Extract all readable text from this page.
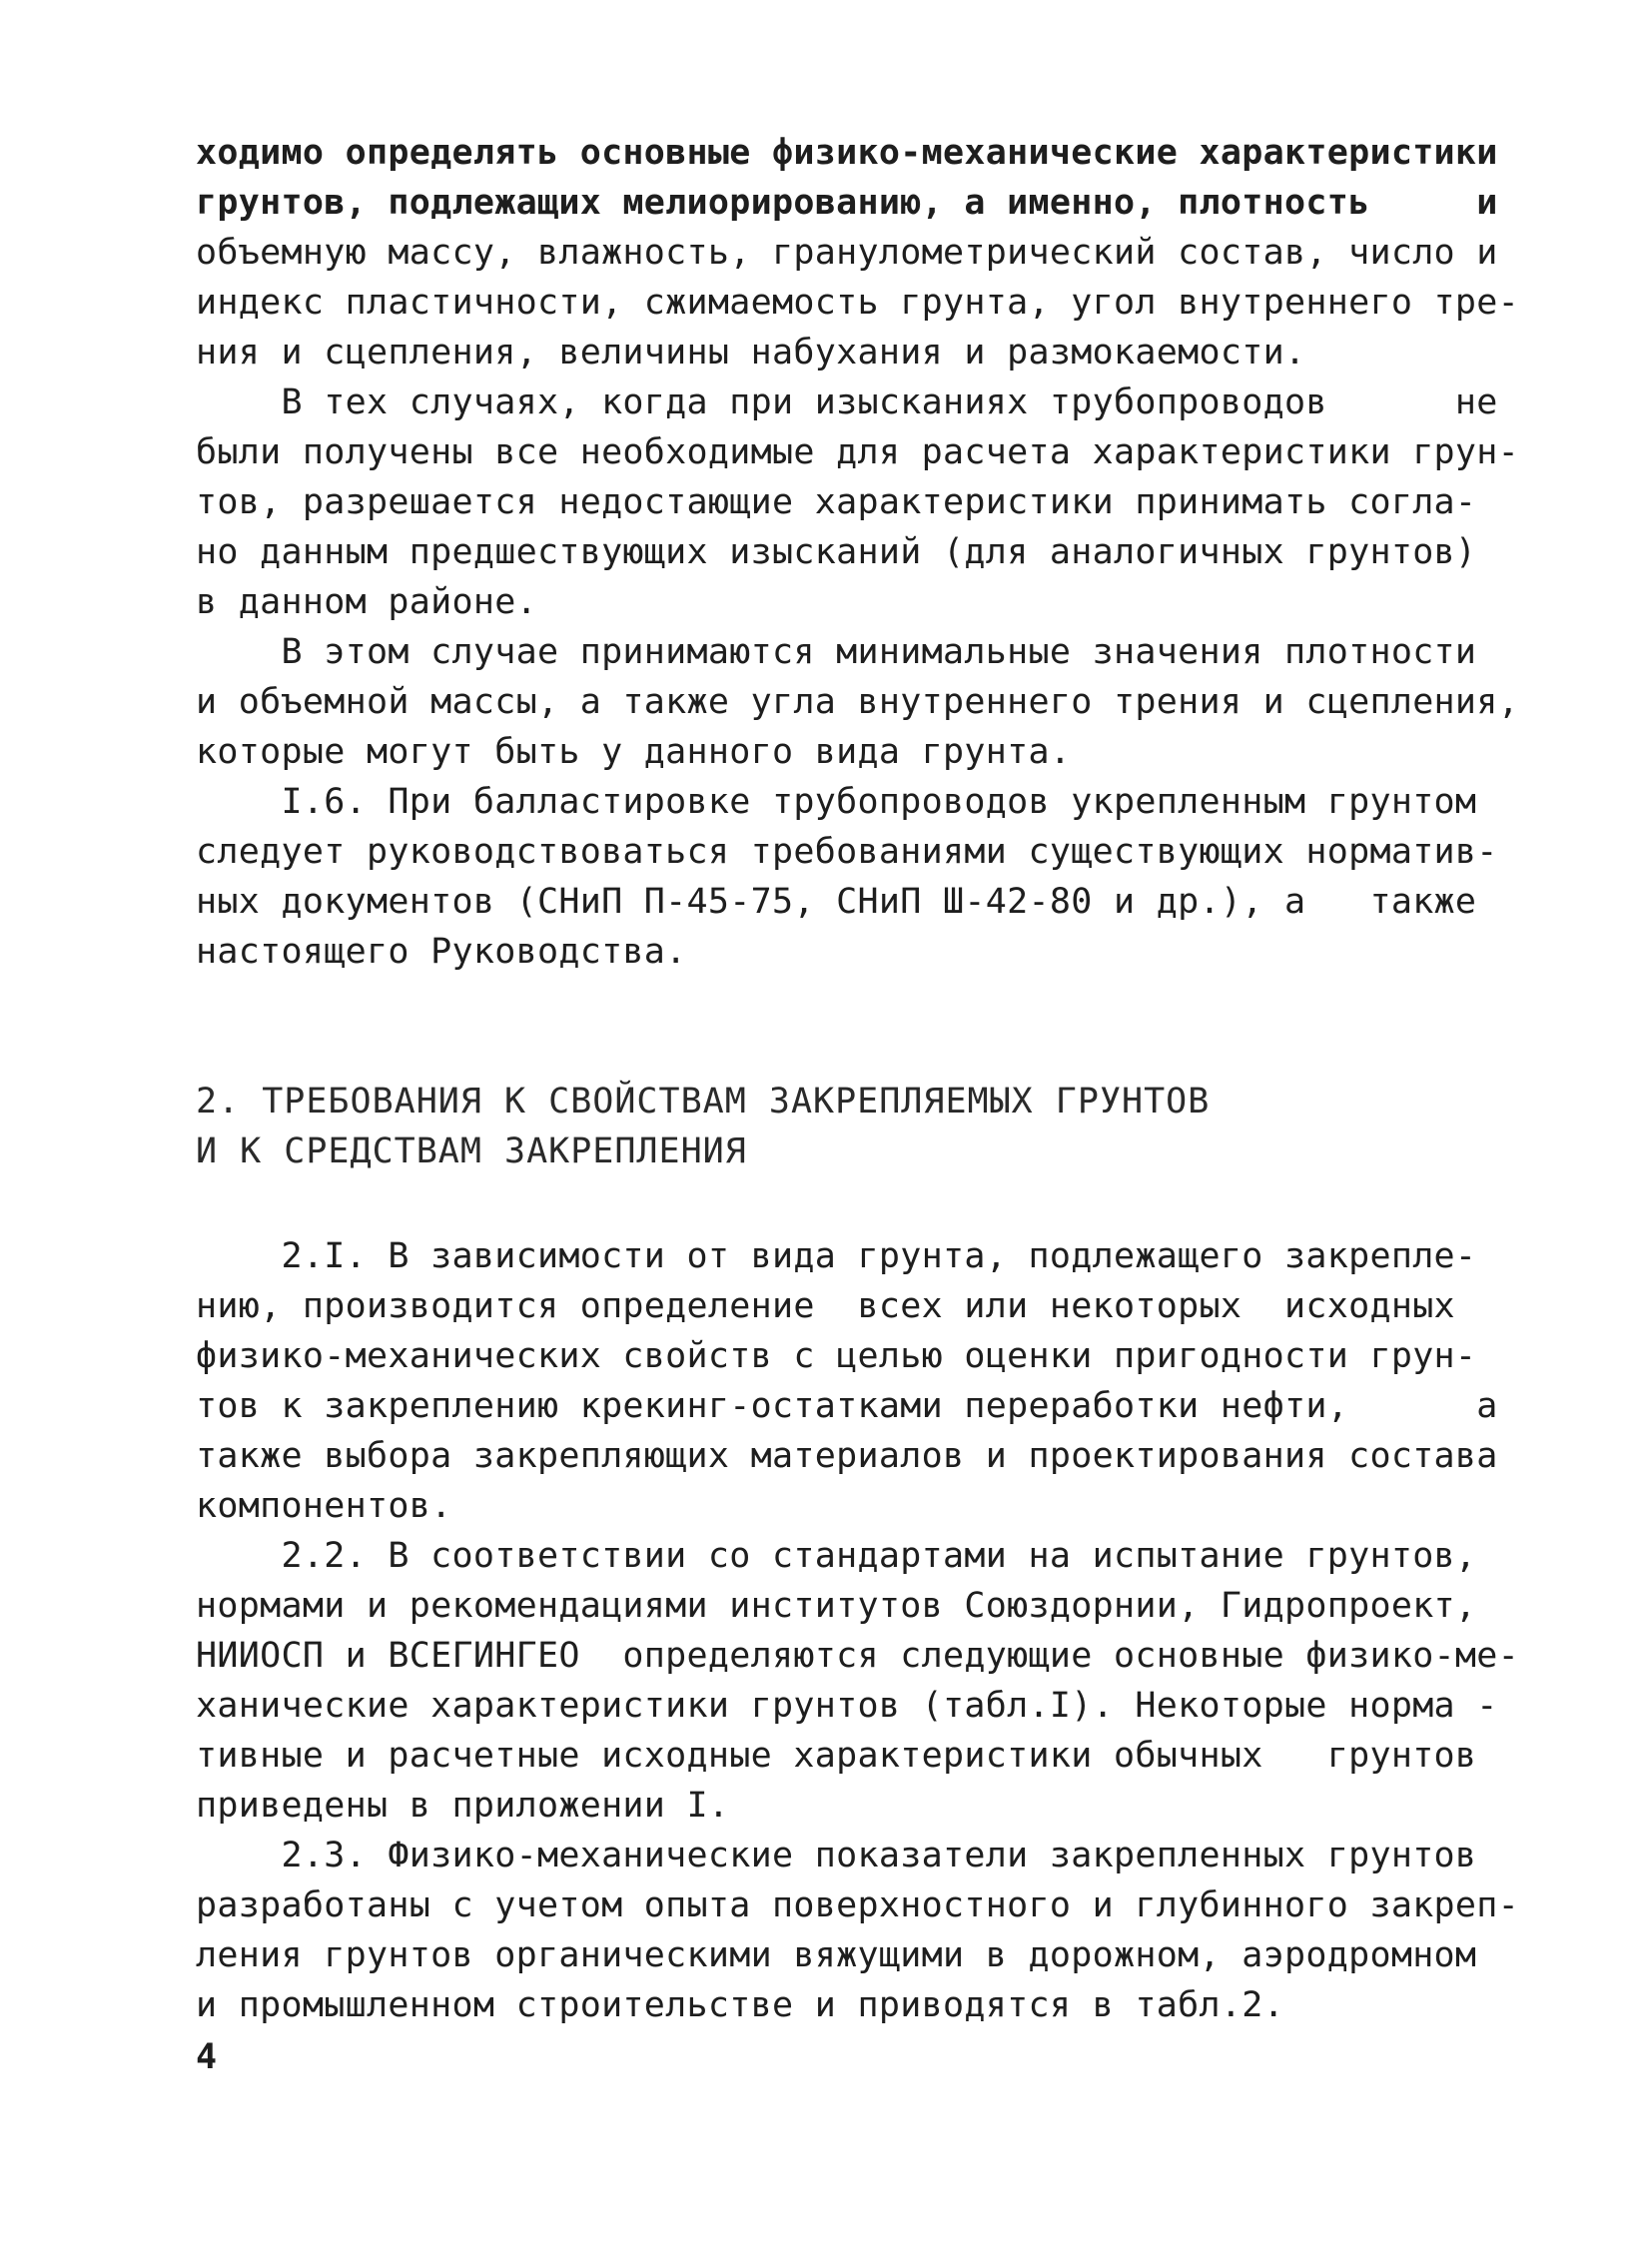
ходимо определять основные физико-механические характеристики
грунтов, подлежащих мелиорированию, а именно, плотность     и
объемную массу, влажность, гранулометрический состав, число и
индекс пластичности, сжимаемость грунта, угол внутреннего тре-
ния и сцепления, величины набухания и размокаемости.
В тех случаях, когда при изысканиях трубопроводов      не
были получены все необходимые для расчета характеристики грун-
тов, разрешается недостающие характеристики принимать согла-
но данным предшествующих изысканий (для аналогичных грунтов)
в данном районе.
В этом случае принимаются минимальные значения плотности
и объемной массы, а также угла внутреннего трения и сцепления,
которые могут быть у данного вида грунта.
I.6. При балластировке трубопроводов укрепленным грунтом
следует руководствоваться требованиями существующих норматив-
ных документов (СНиП П-45-75, СНиП Ш-42-80 и др.), а   также
настоящего Руководства.
2. ТРЕБОВАНИЯ К СВОЙСТВАМ ЗАКРЕПЛЯЕМЫХ ГРУНТОВ
И К СРЕДСТВАМ ЗАКРЕПЛЕНИЯ
2.I. В зависимости от вида грунта, подлежащего закрепле-
нию, производится определение  всех или некоторых  исходных
физико-механических свойств с целью оценки пригодности грун-
тов к закреплению крекинг-остатками переработки нефти,      а
также выбора закрепляющих материалов и проектирования состава
компонентов.
2.2. В соответствии со стандартами на испытание грунтов,
нормами и рекомендациями институтов Союздорнии, Гидропроект,
НИИОСП и ВСЕГИНГЕО  определяются следующие основные физико-ме-
ханические характеристики грунтов (табл.I). Некоторые норма -
тивные и расчетные исходные характеристики обычных   грунтов
приведены в приложении I.
2.3. Физико-механические показатели закрепленных грунтов
разработаны с учетом опыта поверхностного и глубинного закреп-
ления грунтов органическими вяжущими в дорожном, аэродромном
и промышленном строительстве и приводятся в табл.2.
4
